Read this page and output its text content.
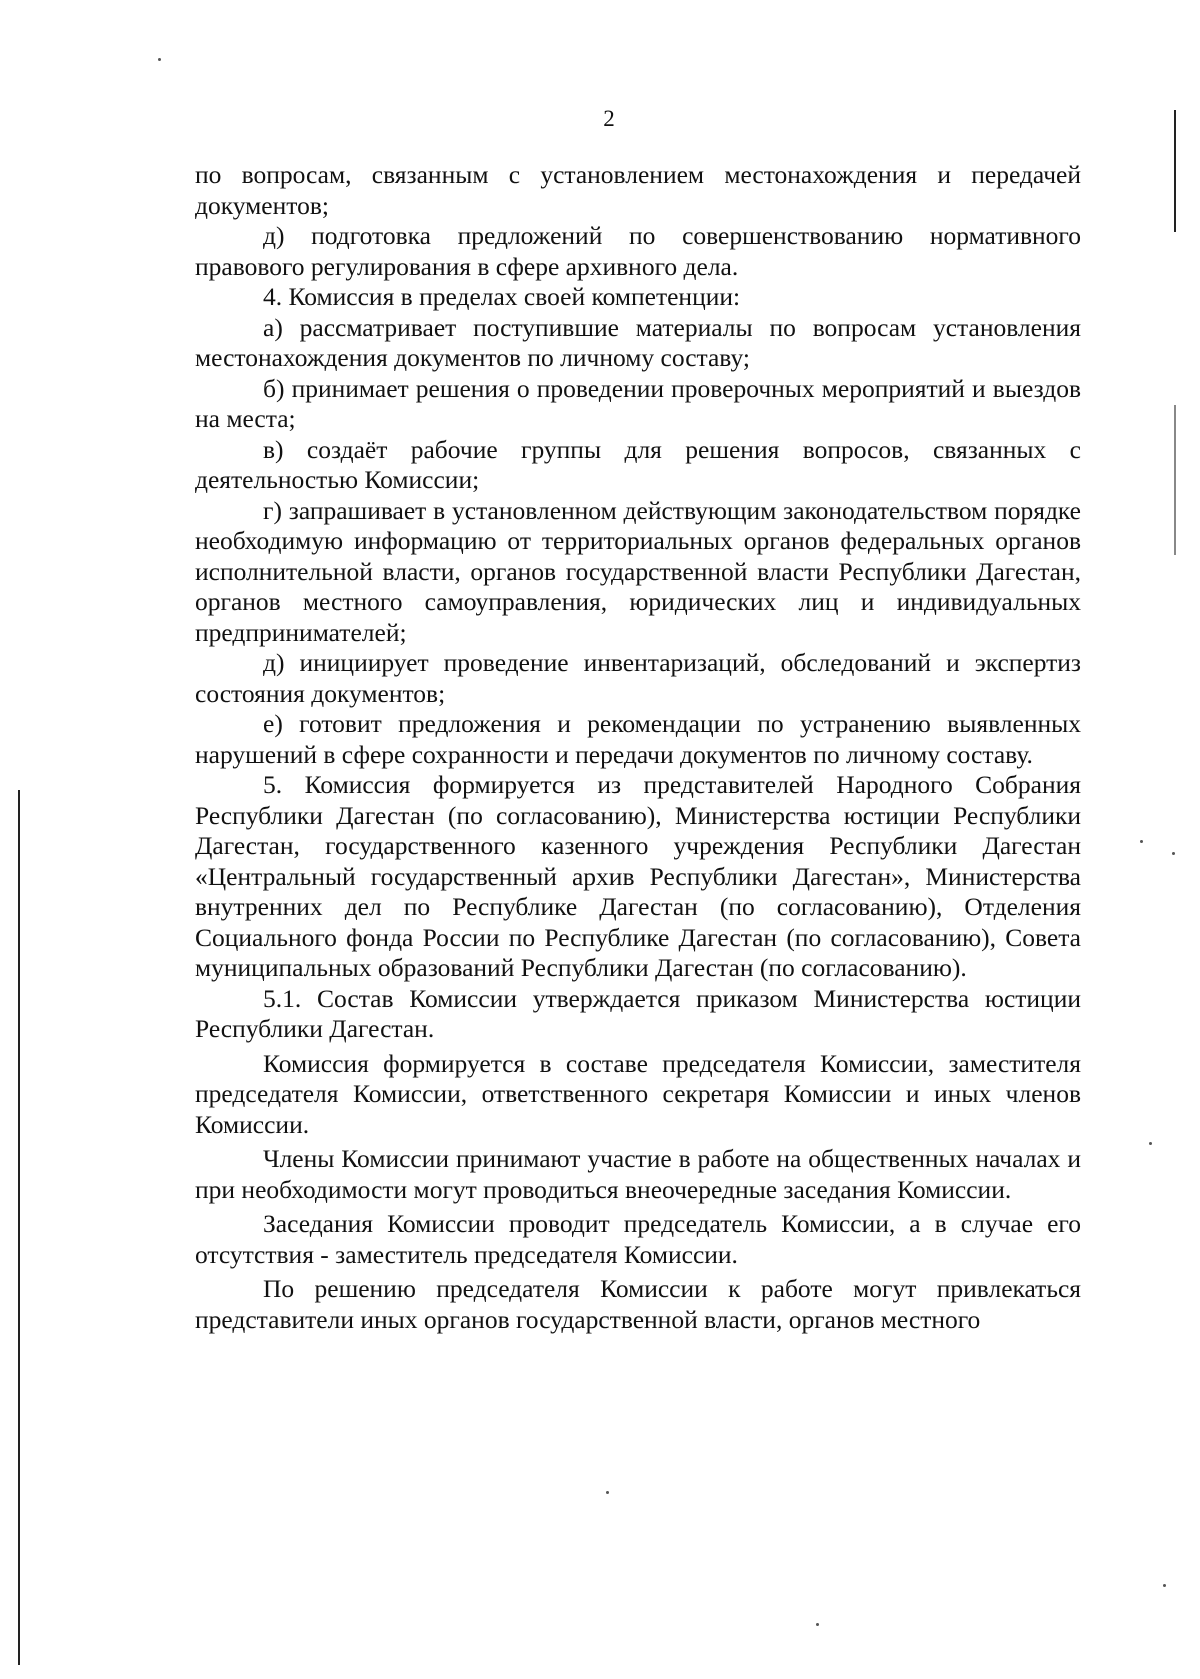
2

по вопросам, связанным с установлением местонахождения и передачей документов;

д) подготовка предложений по совершенствованию нормативного правового регулирования в сфере архивного дела.

4. Комиссия в пределах своей компетенции:

а) рассматривает поступившие материалы по вопросам установления местонахождения документов по личному составу;

б) принимает решения о проведении проверочных мероприятий и выездов на места;

в) создаёт рабочие группы для решения вопросов, связанных с деятельностью Комиссии;

г) запрашивает в установленном действующим законодательством порядке необходимую информацию от территориальных органов федеральных органов исполнительной власти, органов государственной власти Республики Дагестан, органов местного самоуправления, юридических лиц и индивидуальных предпринимателей;

д) инициирует проведение инвентаризаций, обследований и экспертиз состояния документов;

е) готовит предложения и рекомендации по устранению выявленных нарушений в сфере сохранности и передачи документов по личному составу.

5. Комиссия формируется из представителей Народного Собрания Республики Дагестан (по согласованию), Министерства юстиции Республики Дагестан, государственного казенного учреждения Республики Дагестан «Центральный государственный архив Республики Дагестан», Министерства внутренних дел по Республике Дагестан (по согласованию), Отделения Социального фонда России по Республике Дагестан (по согласованию), Совета муниципальных образований Республики Дагестан (по согласованию).

5.1. Состав Комиссии утверждается приказом Министерства юстиции Республики Дагестан.

Комиссия формируется в составе председателя Комиссии, заместителя председателя Комиссии, ответственного секретаря Комиссии и иных членов Комиссии.

Члены Комиссии принимают участие в работе на общественных началах и при необходимости могут проводиться внеочередные заседания Комиссии.

Заседания Комиссии проводит председатель Комиссии, а в случае его отсутствия - заместитель председателя Комиссии.

По решению председателя Комиссии к работе могут привлекаться представители иных органов государственной власти, органов местного
